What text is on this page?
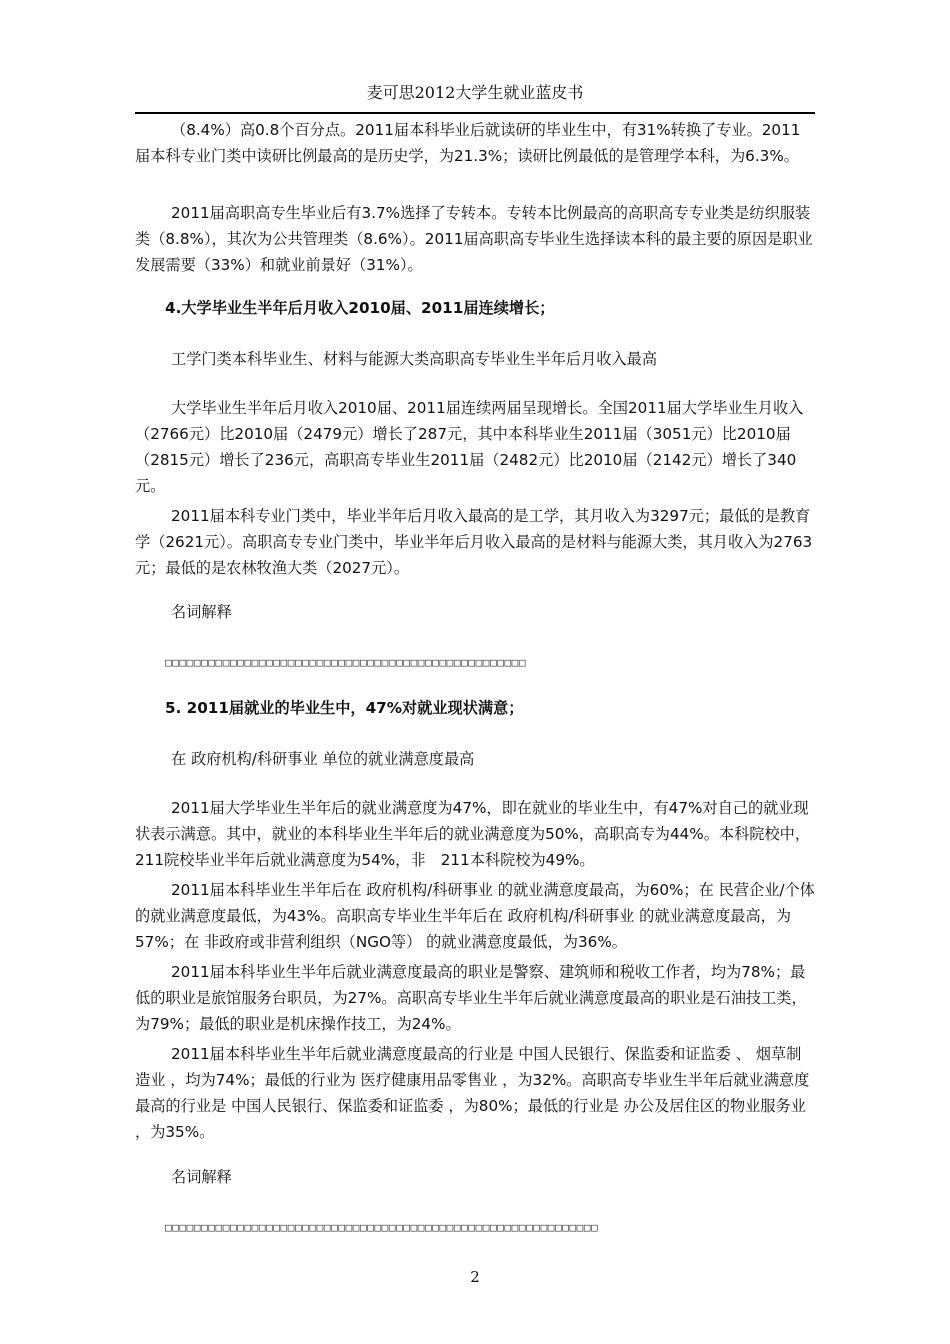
麦可思2012大学生就业蓝皮书
（8.4%）高0.8个百分点。2011届本科毕业后就读研的毕业生中，有31%转换了专业。2011届本科专业门类中读研比例最高的是历史学，为21.3%；读研比例最低的是管理学本科，为6.3%。
2011届高职高专生毕业后有3.7%选择了专转本。专转本比例最高的高职高专专业类是纺织服装类（8.8%），其次为公共管理类（8.6%）。2011届高职高专毕业生选择读本科的最主要的原因是职业发展需要（33%）和就业前景好（31%）。
4.大学毕业生半年后月收入2010届、2011届连续增长；
工学门类本科毕业生、材料与能源大类高职高专毕业生半年后月收入最高
大学毕业生半年后月收入2010届、2011届连续两届呈现增长。全国2011届大学毕业生月收入（2766元）比2010届（2479元）增长了287元，其中本科毕业生2011届（3051元）比2010届（2815元）增长了236元，高职高专毕业生2011届（2482元）比2010届（2142元）增长了340元。
2011届本科专业门类中，毕业半年后月收入最高的是工学，其月收入为3297元；最低的是教育学（2621元）。高职高专专业门类中，毕业半年后月收入最高的是材料与能源大类，其月收入为2763元；最低的是农林牧渔大类（2027元）。
名词解释
□□□□□□□□□□□□□□□□□□□□□□□□□□□□□□□□□□□□□□□□□□□□□□□□□□
5. 2011届就业的毕业生中，47%对就业现状满意；
在 政府机构/科研事业 单位的就业满意度最高
2011届大学毕业生半年后的就业满意度为47%，即在就业的毕业生中，有47%对自己的就业现状表示满意。其中，就业的本科毕业生半年后的就业满意度为50%，高职高专为44%。本科院校中，　211院校毕业半年后就业满意度为54%，非　211本科院校为49%。
2011届本科毕业生半年后在 政府机构/科研事业 的就业满意度最高，为60%；在 民营企业/个体 的就业满意度最低，为43%。高职高专毕业生半年后在 政府机构/科研事业 的就业满意度最高，为57%；在 非政府或非营利组织（NGO等） 的就业满意度最低，为36%。
2011届本科毕业生半年后就业满意度最高的职业是警察、建筑师和税收工作者，均为78%；最低的职业是旅馆服务台职员，为27%。高职高专毕业生半年后就业满意度最高的职业是石油技工类，为79%；最低的职业是机床操作技工，为24%。
2011届本科毕业生半年后就业满意度最高的行业是 中国人民银行、保监委和证监委 、 烟草制造业 ，均为74%；最低的行业为 医疗健康用品零售业 ，为32%。高职高专毕业生半年后就业满意度最高的行业是 中国人民银行、保监委和证监委 ，为80%；最低的行业是 办公及居住区的物业服务业 ，为35%。
名词解释
□□□□□□□□□□□□□□□□□□□□□□□□□□□□□□□□□□□□□□□□□□□□□□□□□□□□□□□□□□□□
2
